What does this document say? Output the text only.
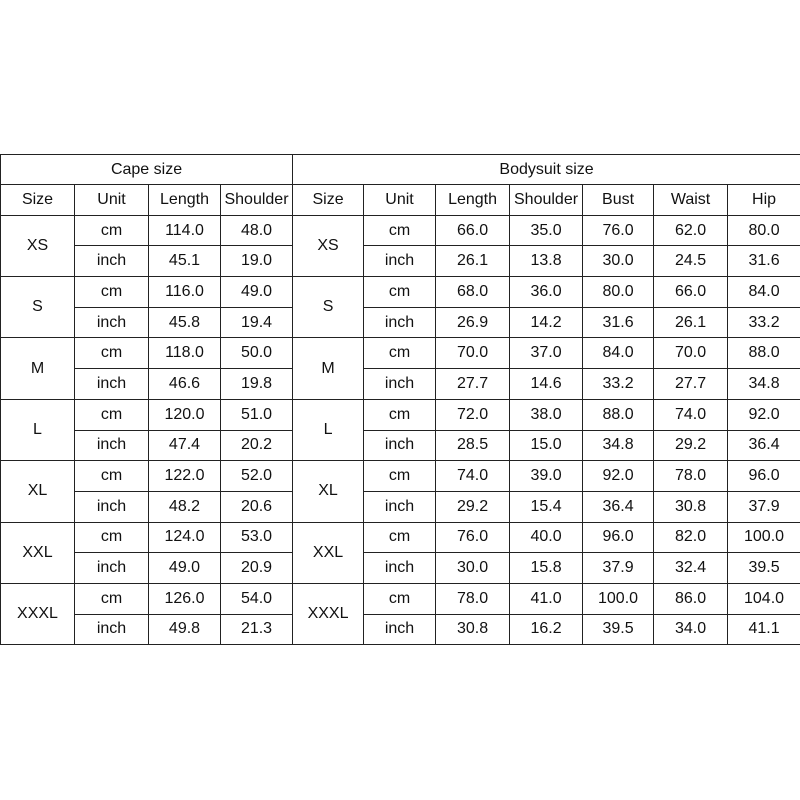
Cape size				Bodysuit size						
Size	Unit	Length	Shoulder	Size	Unit	Length	Shoulder	Bust	Waist	Hip
XS	cm	114.0	48.0	XS	cm	66.0	35.0	76.0	62.0	80.0
	inch	45.1	19.0		inch	26.1	13.8	30.0	24.5	31.6
S	cm	116.0	49.0	S	cm	68.0	36.0	80.0	66.0	84.0
	inch	45.8	19.4		inch	26.9	14.2	31.6	26.1	33.2
M	cm	118.0	50.0	M	cm	70.0	37.0	84.0	70.0	88.0
	inch	46.6	19.8		inch	27.7	14.6	33.2	27.7	34.8
L	cm	120.0	51.0	L	cm	72.0	38.0	88.0	74.0	92.0
	inch	47.4	20.2		inch	28.5	15.0	34.8	29.2	36.4
XL	cm	122.0	52.0	XL	cm	74.0	39.0	92.0	78.0	96.0
	inch	48.2	20.6		inch	29.2	15.4	36.4	30.8	37.9
XXL	cm	124.0	53.0	XXL	cm	76.0	40.0	96.0	82.0	100.0
	inch	49.0	20.9		inch	30.0	15.8	37.9	32.4	39.5
XXXL	cm	126.0	54.0	XXXL	cm	78.0	41.0	100.0	86.0	104.0
	inch	49.8	21.3		inch	30.8	16.2	39.5	34.0	41.1
